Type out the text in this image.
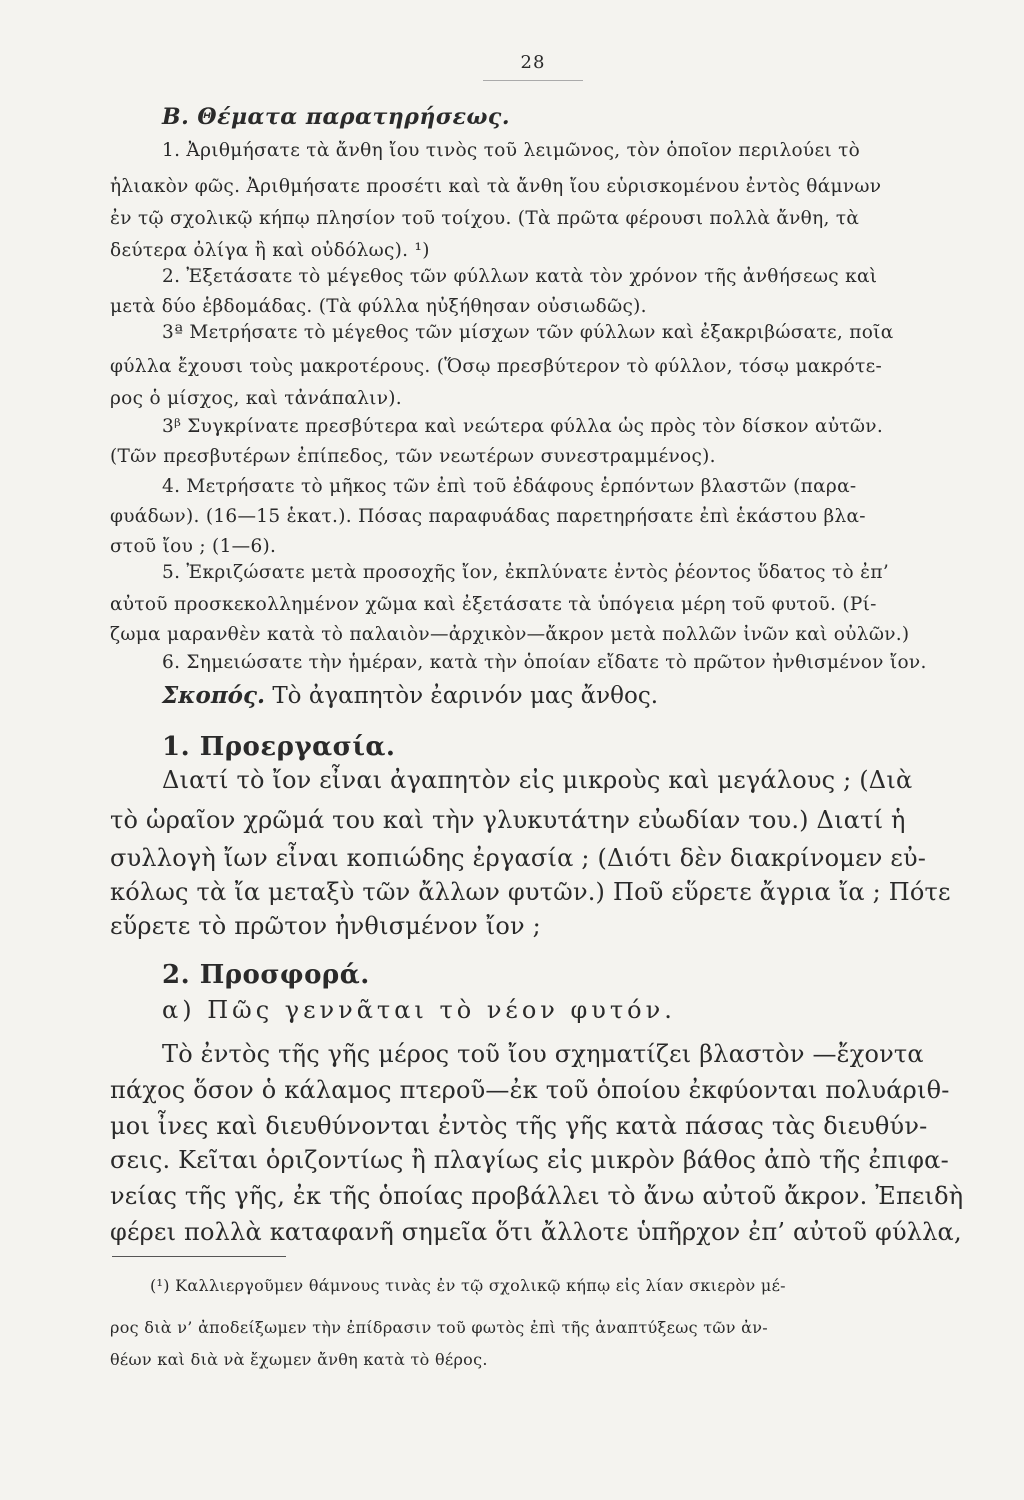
28
Β. Θέματα παρατηρήσεως.
1. Ἀριθμήσατε τὰ ἄνθη ἴου τινὸς τοῦ λειμῶνος, τὸν ὁποῖον περιλούει τὸ
ἡλιακὸν φῶς. Ἀριθμήσατε προσέτι καὶ τὰ ἄνθη ἴου εὑρισκομένου ἐντὸς θάμνων
ἐν τῷ σχολικῷ κήπῳ πλησίον τοῦ τοίχου. (Τὰ πρῶτα φέρουσι πολλὰ ἄνθη, τὰ
δεύτερα ὀλίγα ἢ καὶ οὐδόλως). ¹)
2. Ἐξετάσατε τὸ μέγεθος τῶν φύλλων κατὰ τὸν χρόνον τῆς ἀνθήσεως καὶ
μετὰ δύο ἑβδομάδας. (Τὰ φύλλα ηὐξήθησαν οὐσιωδῶς).
3ª Μετρήσατε τὸ μέγεθος τῶν μίσχων τῶν φύλλων καὶ ἐξακριβώσατε, ποῖα
φύλλα ἔχουσι τοὺς μακροτέρους. (Ὅσῳ πρεσβύτερον τὸ φύλλον, τόσῳ μακρότε-
ρος ὁ μίσχος, καὶ τἀνάπαλιν).
3ᵝ Συγκρίνατε πρεσβύτερα καὶ νεώτερα φύλλα ὡς πρὸς τὸν δίσκον αὐτῶν.
(Τῶν πρεσβυτέρων ἐπίπεδος, τῶν νεωτέρων συνεστραμμένος).
4. Μετρήσατε τὸ μῆκος τῶν ἐπὶ τοῦ ἐδάφους ἑρπόντων βλαστῶν (παρα-
φυάδων). (16—15 ἑκατ.). Πόσας παραφυάδας παρετηρήσατε ἐπὶ ἑκάστου βλα-
στοῦ ἴου ; (1—6).
5. Ἐκριζώσατε μετὰ προσοχῆς ἴον, ἐκπλύνατε ἐντὸς ῥέοντος ὕδατος τὸ ἐπ’
αὐτοῦ προσκεκολλημένον χῶμα καὶ ἐξετάσατε τὰ ὑπόγεια μέρη τοῦ φυτοῦ. (Ρί-
ζωμα μαρανθὲν κατὰ τὸ παλαιὸν—ἀρχικὸν—ἄκρον μετὰ πολλῶν ἰνῶν καὶ οὐλῶν.)
6. Σημειώσατε τὴν ἡμέραν, κατὰ τὴν ὁποίαν εἴδατε τὸ πρῶτον ἠνθισμένον ἴον.
Σκοπός. Τὸ ἀγαπητὸν ἐαρινόν μας ἄνθος.
1. Προεργασία.
Διατί τὸ ἴον εἶναι ἀγαπητὸν εἰς μικροὺς καὶ μεγάλους ; (Διὰ
τὸ ὡραῖον χρῶμά του καὶ τὴν γλυκυτάτην εὐωδίαν του.) Διατί ἡ
συλλογὴ ἴων εἶναι κοπιώδης ἐργασία ; (Διότι δὲν διακρίνομεν εὐ-
κόλως τὰ ἴα μεταξὺ τῶν ἄλλων φυτῶν.) Ποῦ εὕρετε ἄγρια ἴα ; Πότε
εὕρετε τὸ πρῶτον ἠνθισμένον ἴον ;
2. Προσφορά.
α) Πῶς γεννᾶται τὸ νέον φυτόν.
Τὸ ἐντὸς τῆς γῆς μέρος τοῦ ἴου σχηματίζει βλαστὸν —ἔχοντα
πάχος ὅσον ὁ κάλαμος πτεροῦ—ἐκ τοῦ ὁποίου ἐκφύονται πολυάριθ-
μοι ἶνες καὶ διευθύνονται ἐντὸς τῆς γῆς κατὰ πάσας τὰς διευθύν-
σεις. Κεῖται ὁριζοντίως ἢ πλαγίως εἰς μικρὸν βάθος ἀπὸ τῆς ἐπιφα-
νείας τῆς γῆς, ἐκ τῆς ὁποίας προβάλλει τὸ ἄνω αὐτοῦ ἄκρον. Ἐπειδὴ
φέρει πολλὰ καταφανῆ σημεῖα ὅτι ἄλλοτε ὑπῆρχον ἐπ’ αὐτοῦ φύλλα,
(¹) Καλλιεργοῦμεν θάμνους τινὰς ἐν τῷ σχολικῷ κήπῳ εἰς λίαν σκιερὸν μέ-
ρος διὰ ν’ ἀποδείξωμεν τὴν ἐπίδρασιν τοῦ φωτὸς ἐπὶ τῆς ἀναπτύξεως τῶν ἀν-
θέων καὶ διὰ νὰ ἔχωμεν ἄνθη κατὰ τὸ θέρος.
